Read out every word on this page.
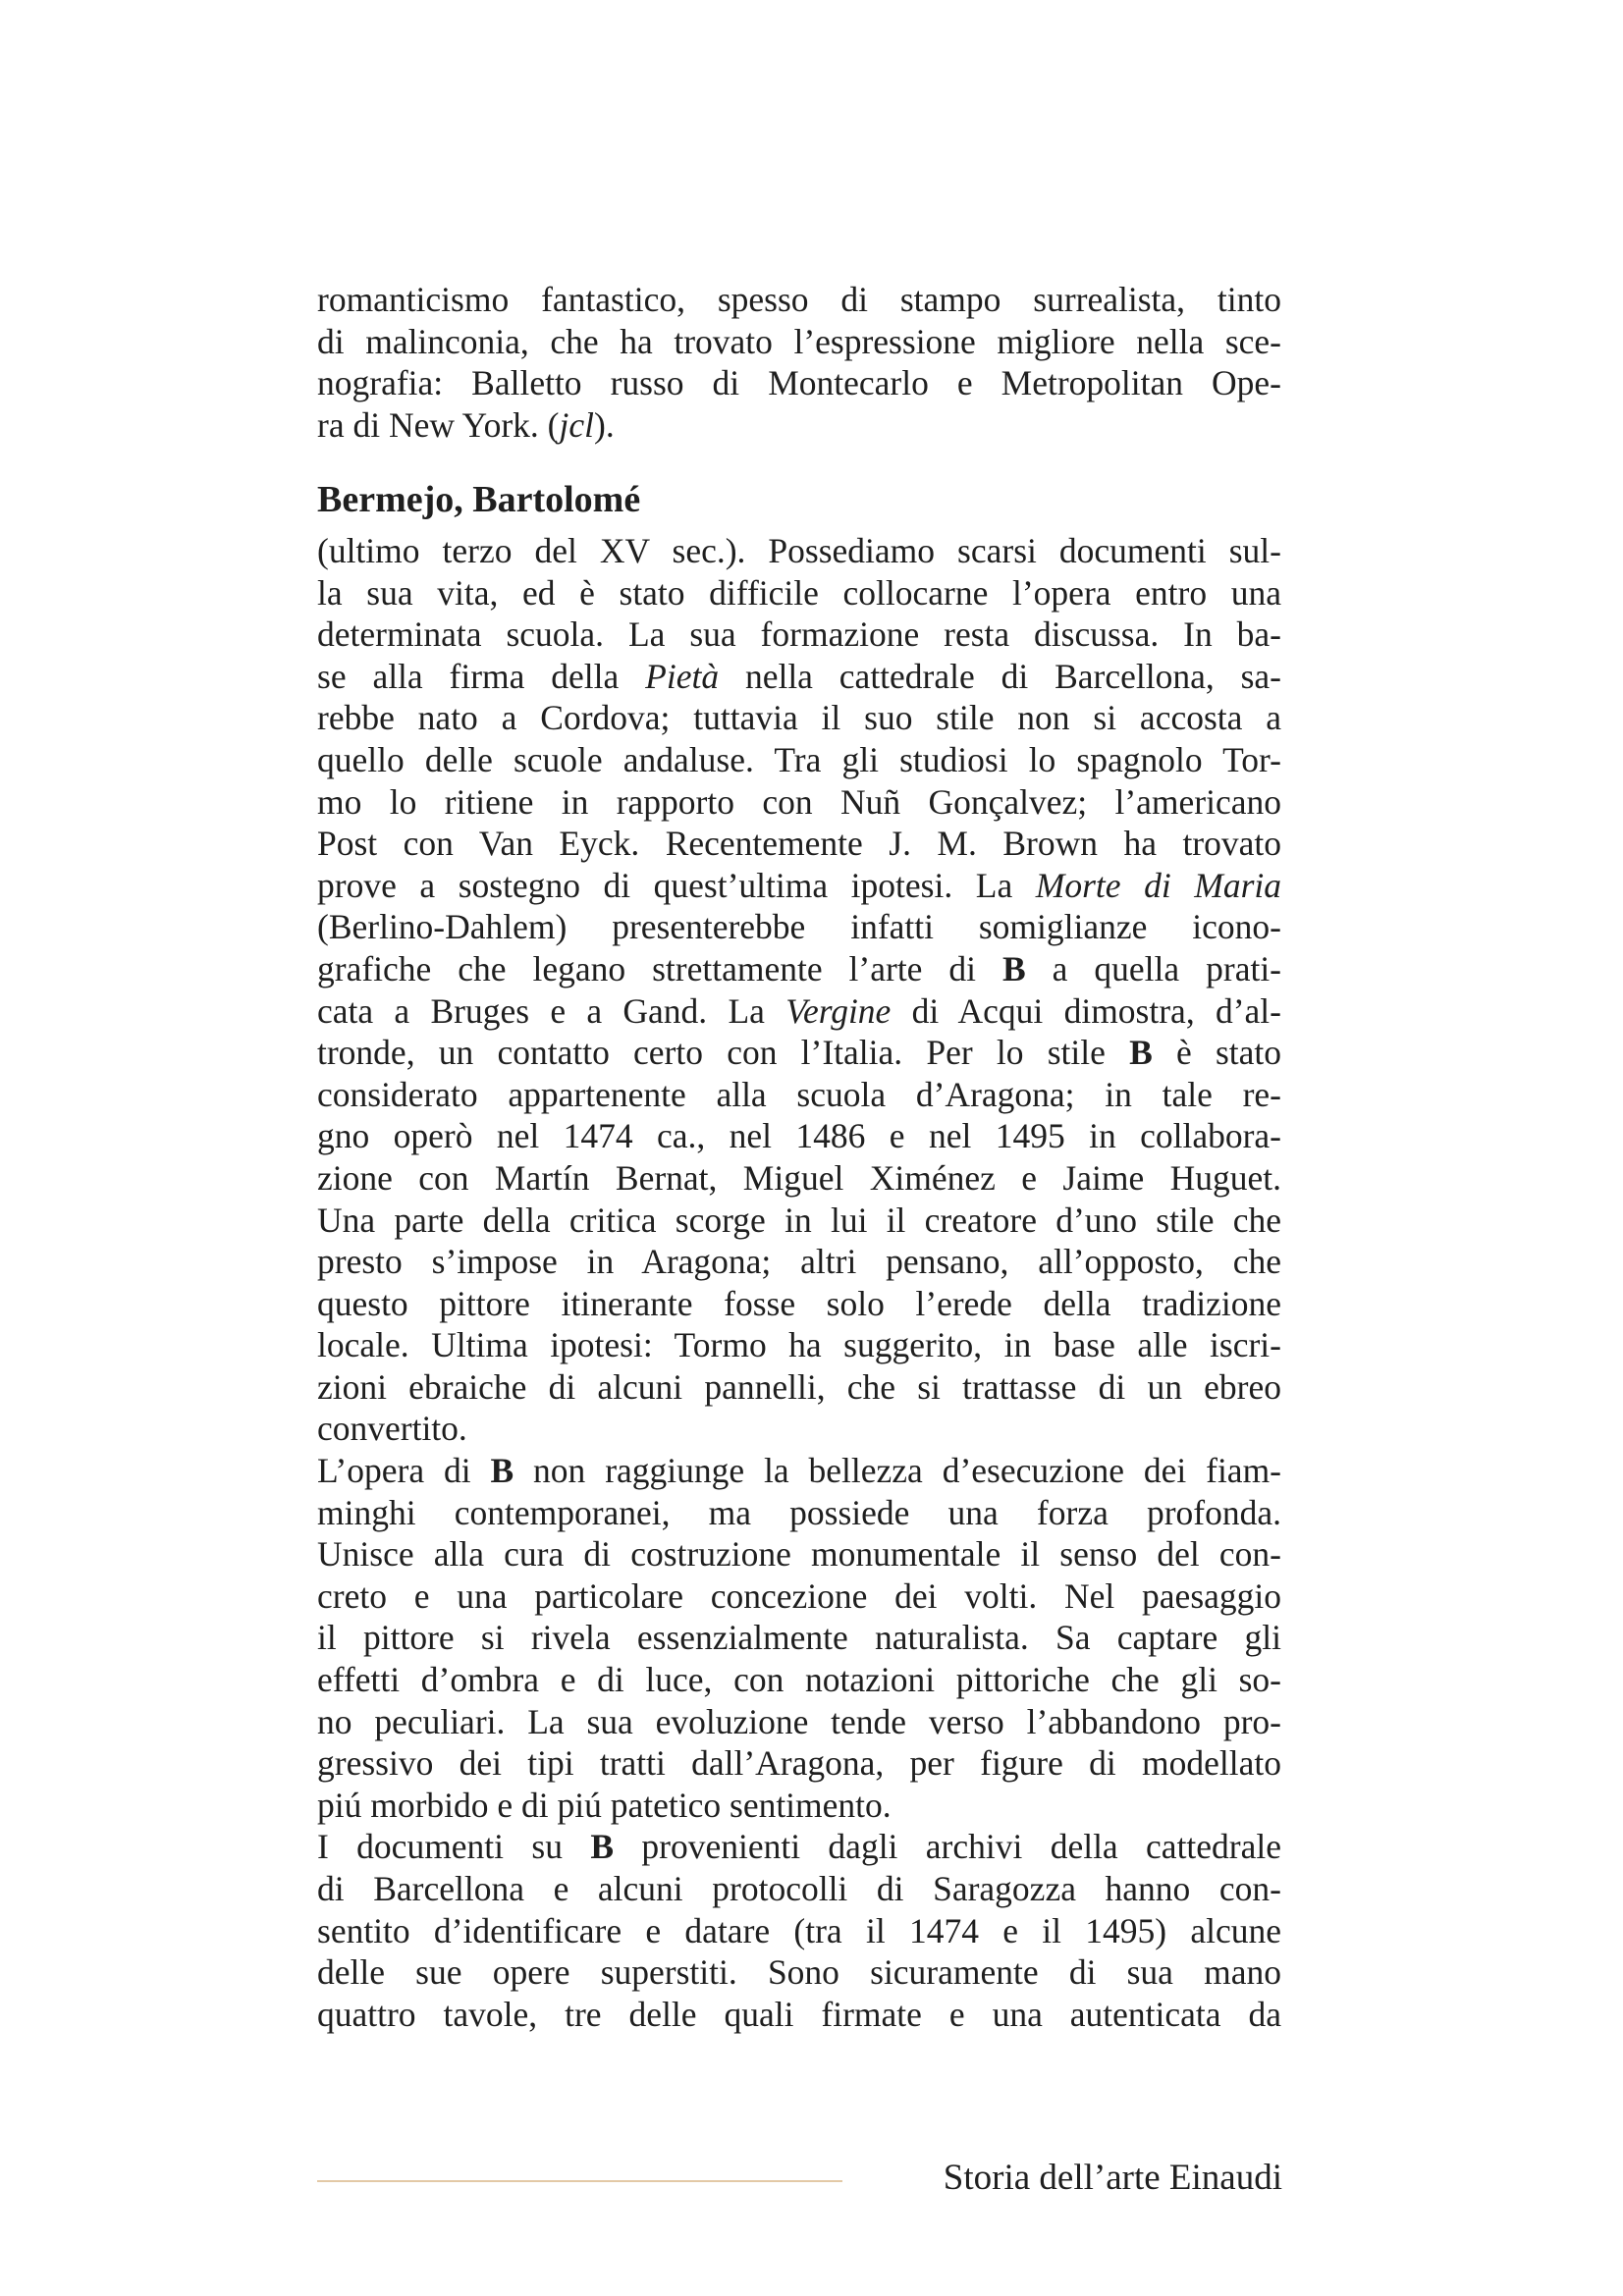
romanticismo fantastico, spesso di stampo surrealista, tinto
di malinconia, che ha trovato l’espressione migliore nella sce-
nografia: Balletto russo di Montecarlo e Metropolitan Ope-
ra di New York. (jcl).
Bermejo, Bartolomé

(ultimo terzo del XV sec.). Possediamo scarsi documenti sul-
la sua vita, ed è stato difficile collocarne l’opera entro una
determinata scuola. La sua formazione resta discussa. In ba-
se alla firma della Pietà nella cattedrale di Barcellona, sa-
rebbe nato a Cordova; tuttavia il suo stile non si accosta a
quello delle scuole andaluse. Tra gli studiosi lo spagnolo Tor-
mo lo ritiene in rapporto con Nuñ Gonçalvez; l’americano
Post con Van Eyck. Recentemente J. M. Brown ha trovato
prove a sostegno di quest’ultima ipotesi. La Morte di Maria
(Berlino-Dahlem) presenterebbe infatti somiglianze icono-
grafiche che legano strettamente l’arte di B a quella prati-
cata a Bruges e a Gand. La Vergine di Acqui dimostra, d’al-
tronde, un contatto certo con l’Italia. Per lo stile B è stato
considerato appartenente alla scuola d’Aragona; in tale re-
gno operò nel 1474 ca., nel 1486 e nel 1495 in collabora-
zione con Martín Bernat, Miguel Ximénez e Jaime Huguet.
Una parte della critica scorge in lui il creatore d’uno stile che
presto s’impose in Aragona; altri pensano, all’opposto, che
questo pittore itinerante fosse solo l’erede della tradizione
locale. Ultima ipotesi: Tormo ha suggerito, in base alle iscri-
zioni ebraiche di alcuni pannelli, che si trattasse di un ebreo
convertito.

L’opera di B non raggiunge la bellezza d’esecuzione dei fiam-
minghi contemporanei, ma possiede una forza profonda.
Unisce alla cura di costruzione monumentale il senso del con-
creto e una particolare concezione dei volti. Nel paesaggio
il pittore si rivela essenzialmente naturalista. Sa captare gli
effetti d’ombra e di luce, con notazioni pittoriche che gli so-
no peculiari. La sua evoluzione tende verso l’abbandono pro-
gressivo dei tipi tratti dall’Aragona, per figure di modellato
piú morbido e di piú patetico sentimento.

I documenti su B provenienti dagli archivi della cattedrale
di Barcellona e alcuni protocolli di Saragozza hanno con-
sentito d’identificare e datare (tra il 1474 e il 1495) alcune
delle sue opere superstiti. Sono sicuramente di sua mano
quattro tavole, tre delle quali firmate e una autenticata da

Storia dell’arte Einaudi
